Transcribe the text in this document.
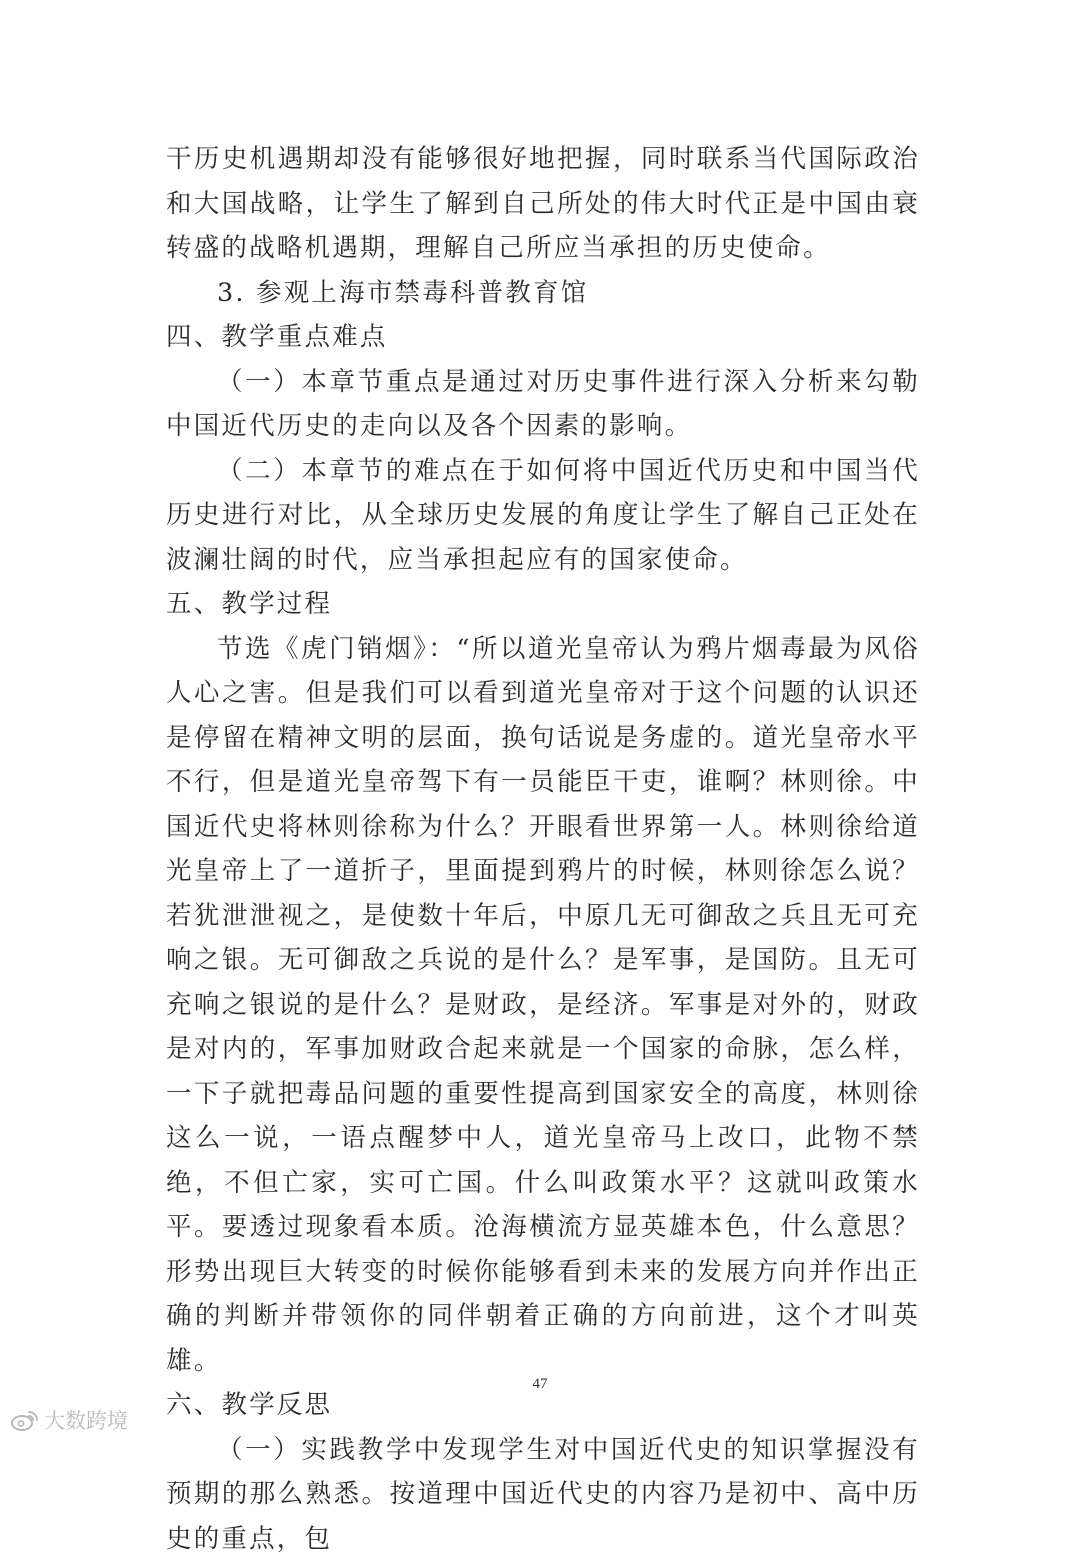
干历史机遇期却没有能够很好地把握，同时联系当代国际政治和大国战略，让学生了解到自己所处的伟大时代正是中国由衰转盛的战略机遇期，理解自己所应当承担的历史使命。

3. 参观上海市禁毒科普教育馆

四、教学重点难点

（一）本章节重点是通过对历史事件进行深入分析来勾勒中国近代历史的走向以及各个因素的影响。

（二）本章节的难点在于如何将中国近代历史和中国当代历史进行对比，从全球历史发展的角度让学生了解自己正处在波澜壮阔的时代，应当承担起应有的国家使命。

五、教学过程

节选《虎门销烟》：“所以道光皇帝认为鸦片烟毒最为风俗人心之害。但是我们可以看到道光皇帝对于这个问题的认识还是停留在精神文明的层面，换句话说是务虚的。道光皇帝水平不行，但是道光皇帝驾下有一员能臣干吏，谁啊？林则徐。中国近代史将林则徐称为什么？开眼看世界第一人。林则徐给道光皇帝上了一道折子，里面提到鸦片的时候，林则徐怎么说？若犹泄泄视之，是使数十年后，中原几无可御敌之兵且无可充响之银。无可御敌之兵说的是什么？是军事，是国防。且无可充响之银说的是什么？是财政，是经济。军事是对外的，财政是对内的，军事加财政合起来就是一个国家的命脉，怎么样，一下子就把毒品问题的重要性提高到国家安全的高度，林则徐这么一说，一语点醒梦中人，道光皇帝马上改口，此物不禁绝，不但亡家，实可亡国。什么叫政策水平？这就叫政策水平。要透过现象看本质。沧海横流方显英雄本色，什么意思？形势出现巨大转变的时候你能够看到未来的发展方向并作出正确的判断并带领你的同伴朝着正确的方向前进，这个才叫英雄。

六、教学反思

（一）实践教学中发现学生对中国近代史的知识掌握没有预期的那么熟悉。按道理中国近代史的内容乃是初中、高中历史的重点，包

47
大数跨境
